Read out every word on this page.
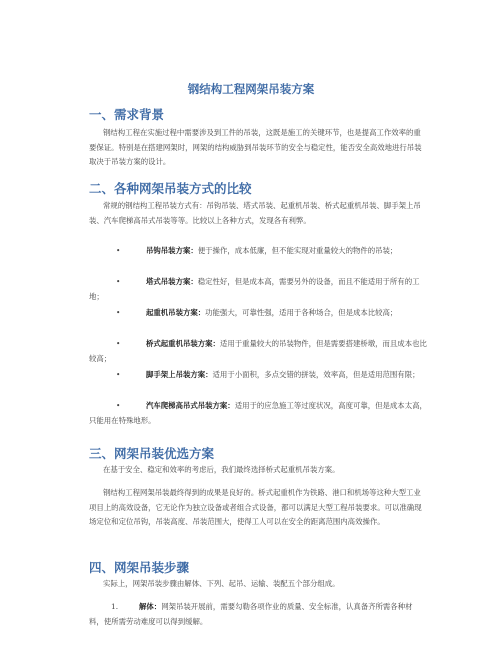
钢结构工程网架吊装方案
一、需求背景
钢结构工程在实施过程中需要涉及到工件的吊装，这既是施工的关键环节，也是提高工作效率的重要保证。特别是在搭建网架时，网架的结构威胁到吊装环节的安全与稳定性，能否安全高效地进行吊装取决于吊装方案的设计。
二、各种网架吊装方式的比较
常规的钢结构工程吊装方式有：吊钩吊装、塔式吊装、起重机吊装、桥式起重机吊装、脚手架上吊装、汽车爬梯高吊式吊装等等。比较以上各种方式，发现各有利弊。
•	吊钩吊装方案：便于操作，成本低廉，但不能实现对重量较大的物件的吊装；
•	塔式吊装方案：稳定性好，但是成本高，需要另外的设备，而且不能适用于所有的工地；
•	起重机吊装方案：功能强大，可靠性强，适用于各种场合，但是成本比较高；
•	桥式起重机吊装方案：适用于重量较大的吊装物件，但是需要搭建桥墩，而且成本也比较高；
•	脚手架上吊装方案：适用于小面积，多点交错的拼装，效率高，但是适用范围有限；
•	汽车爬梯高吊式吊装方案：适用于的应急施工等过度状况，高度可靠，但是成本太高，只能用在特殊地形。
三、网架吊装优选方案
在基于安全、稳定和效率的考虑后，我们最终选择桥式起重机吊装方案。
钢结构工程网架吊装最终得到的成果是良好的。桥式起重机作为铁路、港口和机场等这种大型工业项目上的高效设备，它无论作为独立设备或者组合式设备，都可以满足大型工程吊装要求。可以准确现场定位和定位吊钩，吊装高度、吊装范围大，使得工人可以在安全的距离范围内高效操作。
四、网架吊装步骤
实际上，网架吊装步骤由解体、下列、起吊、运输、装配五个部分组成。
1.	解体：网架吊装开展前，需要勾勒各项作业的质量、安全标准，认真备齐所需各种材料，使所需劳动难度可以得到缓解。
